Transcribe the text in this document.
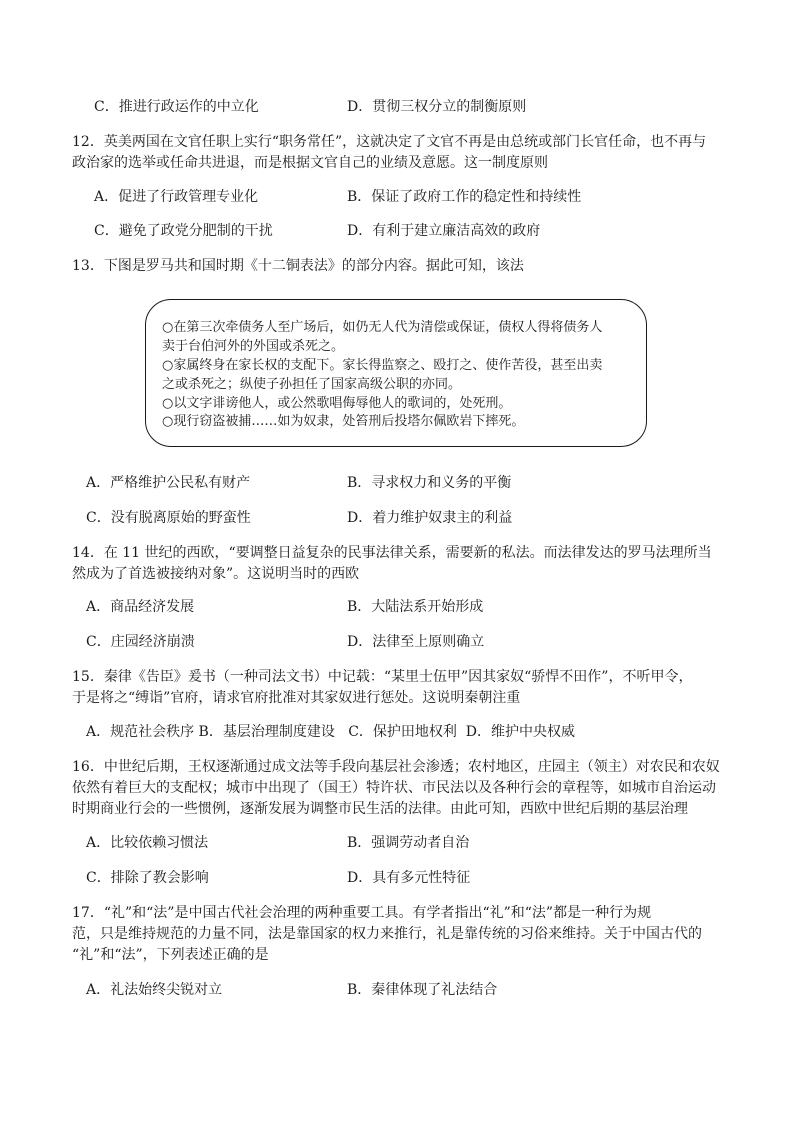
C．推进行政运作的中立化	D．贯彻三权分立的制衡原则
12．英美两国在文官任职上实行“职务常任”，这就决定了文官不再是由总统或部门长官任命，也不再与
政治家的选举或任命共进退，而是根据文官自己的业绩及意愿。这一制度原则
A．促进了行政管理专业化	B．保证了政府工作的稳定性和持续性
C．避免了政党分肥制的干扰	D．有利于建立廉洁高效的政府
13．下图是罗马共和国时期《十二铜表法》的部分内容。据此可知，该法
○在第三次牵债务人至广场后，如仍无人代为清偿或保证，债权人得将债务人
卖于台伯河外的外国或杀死之。
○家属终身在家长权的支配下。家长得监察之、殴打之、使作苦役，甚至出卖
之或杀死之；纵使子孙担任了国家高级公职的亦同。
○以文字诽谤他人，或公然歌唱侮辱他人的歌词的，处死刑。
○现行窃盗被捕……如为奴隶，处笞刑后投塔尔佩欧岩下摔死。
A．严格维护公民私有财产	B．寻求权力和义务的平衡
C．没有脱离原始的野蛮性	D．着力维护奴隶主的利益
14．在 11 世纪的西欧，“要调整日益复杂的民事法律关系，需要新的私法。而法律发达的罗马法理所当
然成为了首选被接纳对象”。这说明当时的西欧
A．商品经济发展	B．大陆法系开始形成
C．庄园经济崩溃	D．法律至上原则确立
15．秦律《告臣》爰书（一种司法文书）中记载：“某里士伍甲”因其家奴“骄悍不田作”，不听甲令，
于是将之“缚诣”官府，请求官府批准对其家奴进行惩处。这说明秦朝注重
A．规范社会秩序 B．基层治理制度建设   C．保护田地权利  D．维护中央权威
16．中世纪后期，王权逐渐通过成文法等手段向基层社会渗透；农村地区，庄园主（领主）对农民和农奴
依然有着巨大的支配权；城市中出现了（国王）特许状、市民法以及各种行会的章程等，如城市自治运动
时期商业行会的一些惯例，逐渐发展为调整市民生活的法律。由此可知，西欧中世纪后期的基层治理
A．比较依赖习惯法	B．强调劳动者自治
C．排除了教会影响	D．具有多元性特征
17．“礼”和“法”是中国古代社会治理的两种重要工具。有学者指出“礼”和“法”都是一种行为规
范，只是维持规范的力量不同，法是靠国家的权力来推行，礼是靠传统的习俗来维持。关于中国古代的
“礼”和“法”，下列表述正确的是
A．礼法始终尖锐对立	B．秦律体现了礼法结合
